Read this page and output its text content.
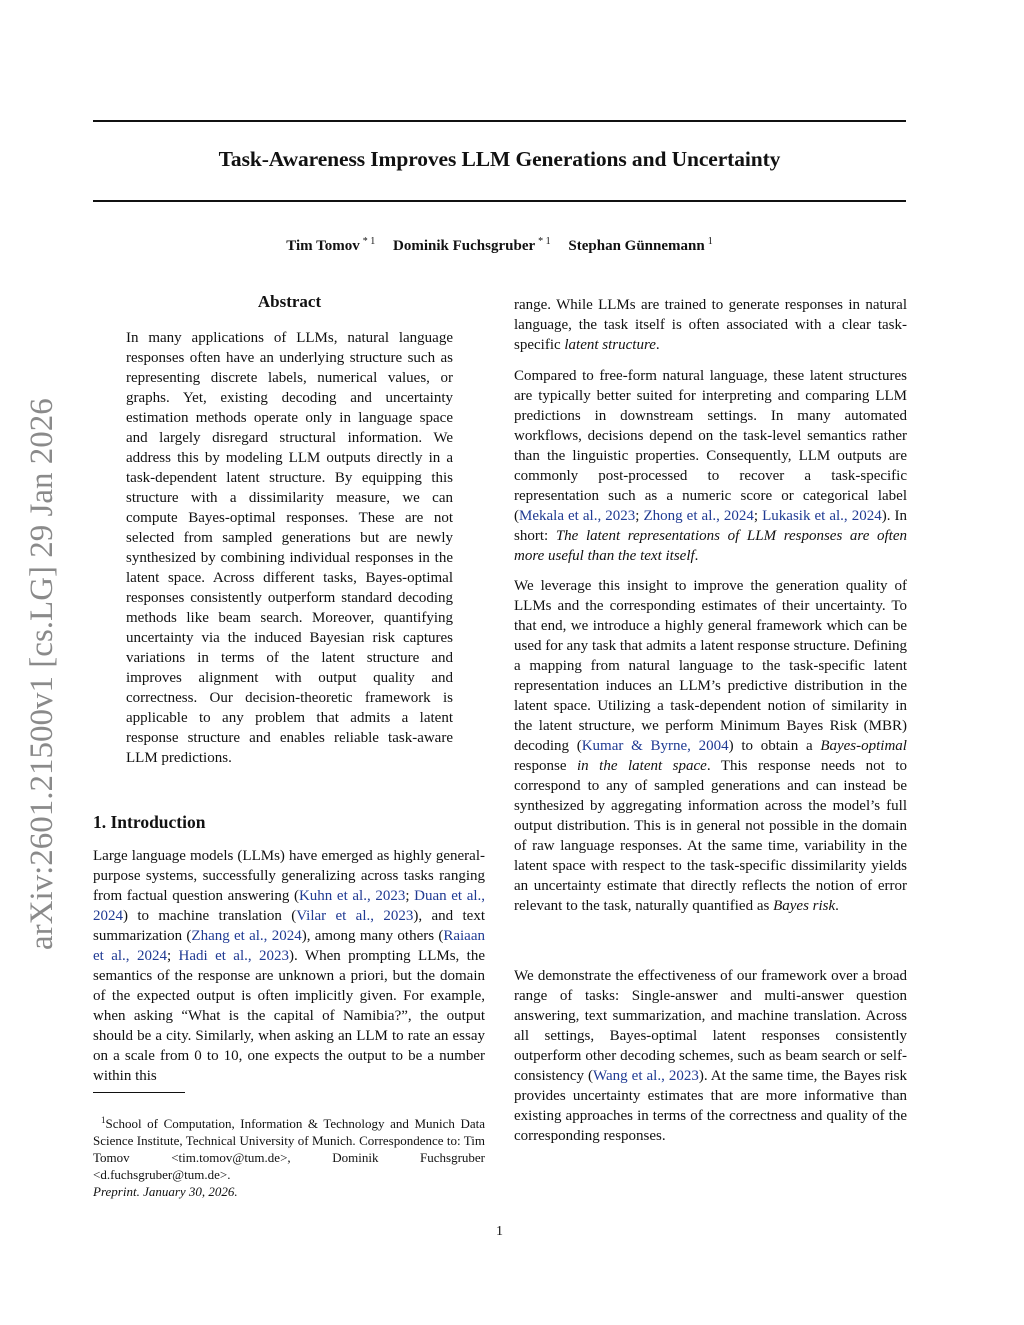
Task-Awareness Improves LLM Generations and Uncertainty
Tim Tomov $^{* 1}$ Dominik Fuchsgruber $^{* 1}$ Stephan Günnemann $^1$
arXiv:2601.21500v1 [cs.LG] 29 Jan 2026
Abstract
In many applications of LLMs, natural language responses often have an underlying structure such as representing discrete labels, numerical values, or graphs. Yet, existing decoding and uncertainty estimation methods operate only in language space and largely disregard structural information. We address this by modeling LLM outputs directly in a task-dependent latent structure. By equipping this structure with a dissimilarity measure, we can compute Bayes-optimal responses. These are not selected from sampled generations but are newly synthesized by combining individual responses in the latent space. Across different tasks, Bayes-optimal responses consistently outperform standard decoding methods like beam search. Moreover, quantifying uncertainty via the induced Bayesian risk captures variations in terms of the latent structure and improves alignment with output quality and correctness. Our decision-theoretic framework is applicable to any problem that admits a latent response structure and enables reliable task-aware LLM predictions.
1. Introduction

Large language models (LLMs) have emerged as highly general-purpose systems, successfully generalizing across tasks ranging from factual question answering (Kuhn et al., 2023; Duan et al., 2024) to machine translation (Vilar et al., 2023), and text summarization (Zhang et al., 2024), among many others (Raiaan et al., 2024; Hadi et al., 2023). When prompting LLMs, the semantics of the response are unknown a priori, but the domain of the expected output is often implicitly given. For example, when asking “What is the capital of Namibia?”, the output should be a city. Similarly, when asking an LLM to rate an essay on a scale from 0 to 10, one expects the output to be a number within this

$^1$School of Computation, Information & Technology and Munich Data Science Institute, Technical University of Munich. Correspondence to: Tim Tomov <tim.tomov@tum.de>, Dominik Fuchsgruber <d.fuchsgruber@tum.de>.

Preprint. January 30, 2026.

range. While LLMs are trained to generate responses in natural language, the task itself is often associated with a clear task-specific latent structure.

Compared to free-form natural language, these latent structures are typically better suited for interpreting and comparing LLM predictions in downstream settings. In many automated workflows, decisions depend on the task-level semantics rather than the linguistic properties. Consequently, LLM outputs are commonly post-processed to recover a task-specific representation such as a numeric score or categorical label (Mekala et al., 2023; Zhong et al., 2024; Lukasik et al., 2024). In short: The latent representations of LLM responses are often more useful than the text itself.

We leverage this insight to improve the generation quality of LLMs and the corresponding estimates of their uncertainty. To that end, we introduce a highly general framework which can be used for any task that admits a latent response structure. Defining a mapping from natural language to the task-specific latent representation induces an LLM’s predictive distribution in the latent space. Utilizing a task-dependent notion of similarity in the latent structure, we perform Minimum Bayes Risk (MBR) decoding (Kumar & Byrne, 2004) to obtain a Bayes-optimal response in the latent space. This response needs not to correspond to any of sampled generations and can instead be synthesized by aggregating information across the model’s full output distribution. This is in general not possible in the domain of raw language responses. At the same time, variability in the latent space with respect to the task-specific dissimilarity yields an uncertainty estimate that directly reflects the notion of error relevant to the task, naturally quantified as Bayes risk.

We demonstrate the effectiveness of our framework over a broad range of tasks: Single-answer and multi-answer question answering, text summarization, and machine translation. Across all settings, Bayes-optimal latent responses consistently outperform other decoding schemes, such as beam search or self-consistency (Wang et al., 2023). At the same time, the Bayes risk provides uncertainty estimates that are more informative than existing approaches in terms of the correctness and quality of the corresponding responses.

1
